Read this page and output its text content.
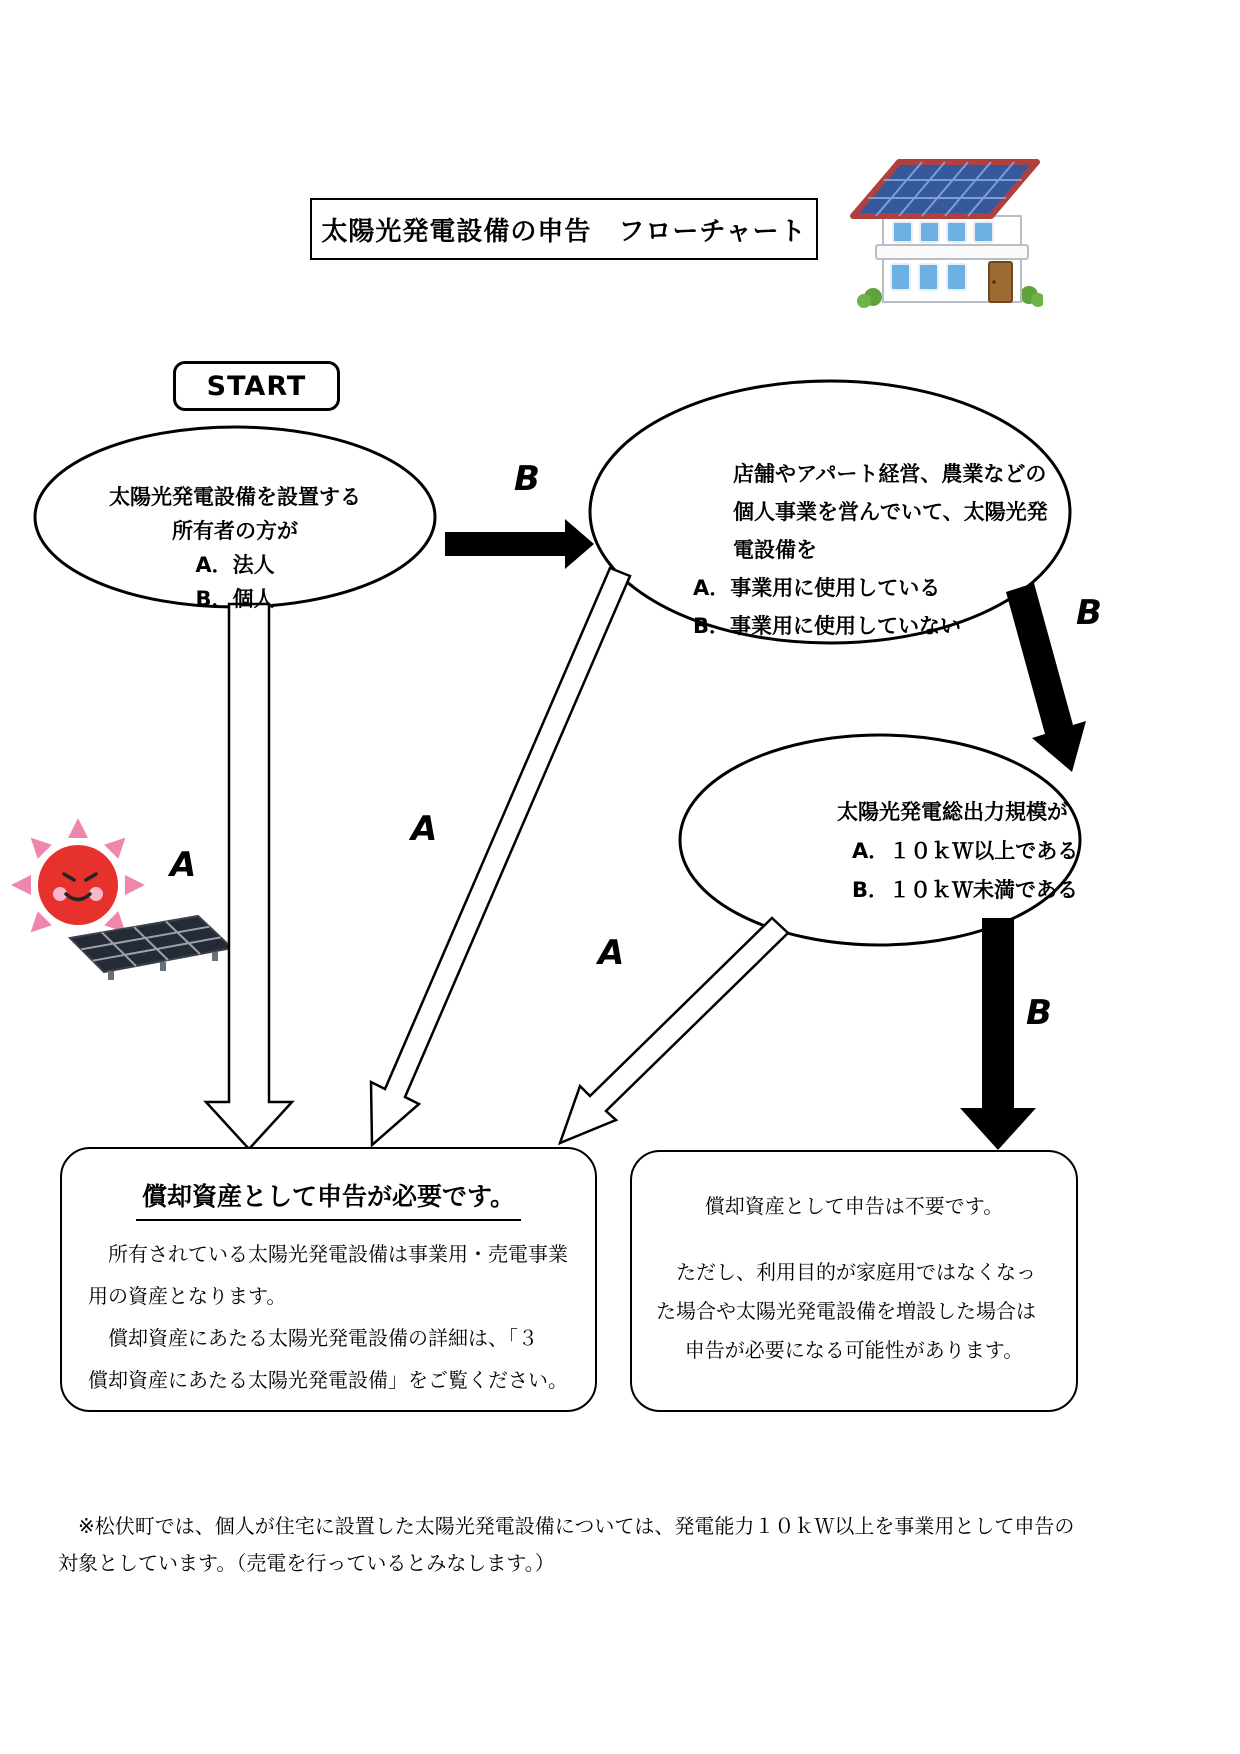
太陽光発電設備の申告　フローチャート
START
太陽光発電設備を設置する
所有者の方が
A．法人
B．個人
店舗やアパート経営、農業などの
個人事業を営んでいて、太陽光発
電設備を
A．事業用に使用している
B．事業用に使用していない
太陽光発電総出力規模が
A．１０ｋＷ以上である
B．１０ｋＷ未満である
A
B
A
B
A
B
償却資産として申告が必要です。
　所有されている太陽光発電設備は事業用・売電事業
用の資産となります。
　償却資産にあたる太陽光発電設備の詳細は、「３
償却資産にあたる太陽光発電設備」をご覧ください。
償却資産として申告は不要です。
　ただし、利用目的が家庭用ではなくなっ
た場合や太陽光発電設備を増設した場合は
申告が必要になる可能性があります。
　※松伏町では、個人が住宅に設置した太陽光発電設備については、発電能力１０ｋＷ以上を事業用として申告の
対象としています。（売電を行っているとみなします。）
